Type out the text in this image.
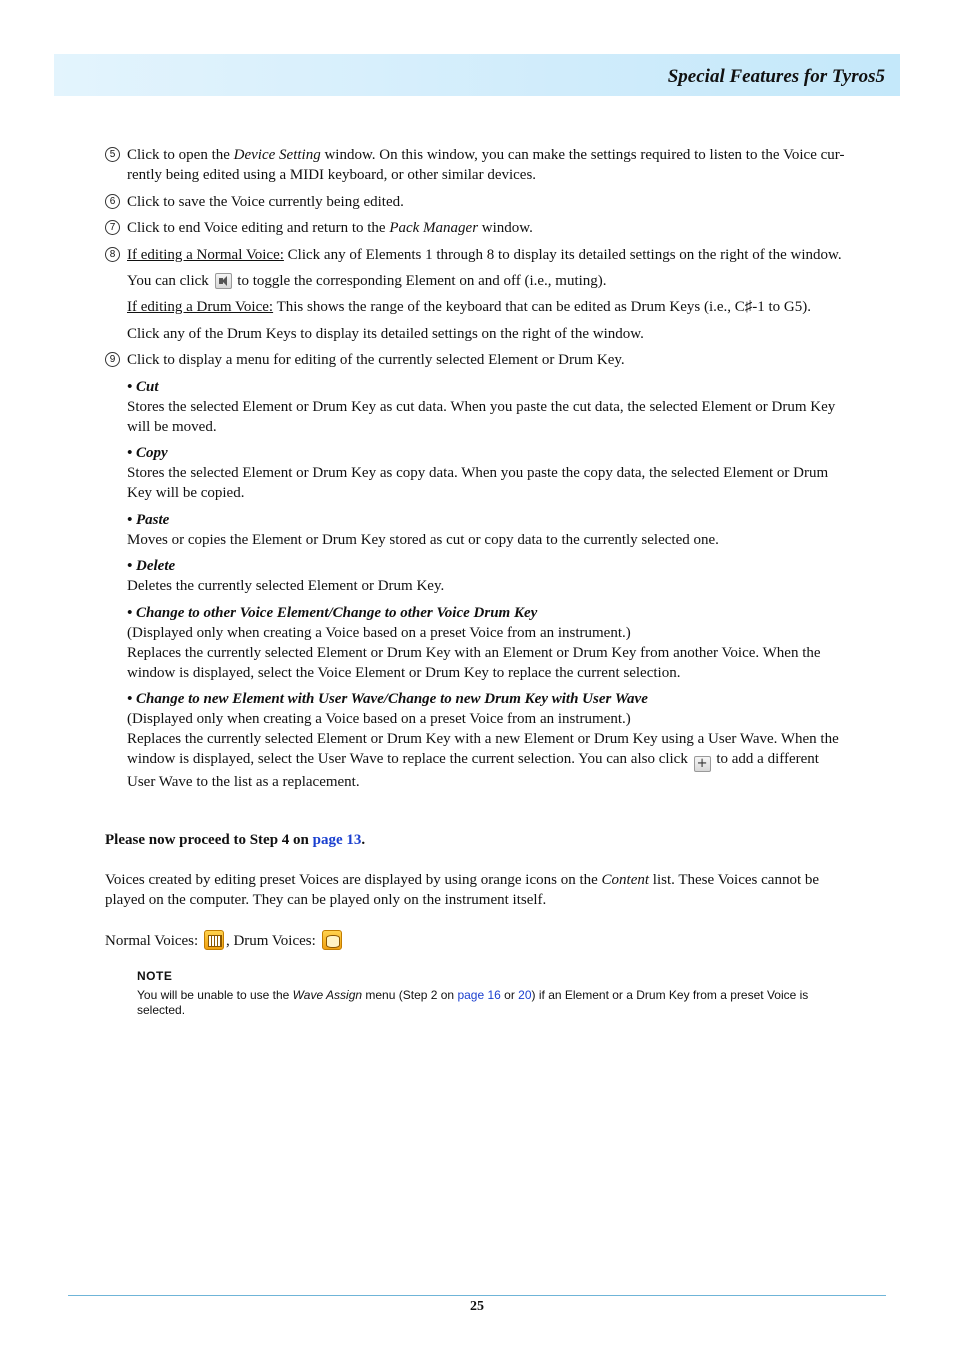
Special Features for Tyros5
5 Click to open the Device Setting window. On this window, you can make the settings required to listen to the Voice cur-
rently being edited using a MIDI keyboard, or other similar devices.
6 Click to save the Voice currently being edited.
7 Click to end Voice editing and return to the Pack Manager window.
8 If editing a Normal Voice: Click any of Elements 1 through 8 to display its detailed settings on the right of the window.
You can click
to toggle the corresponding Element on and off (i.e., muting).
If editing a Drum Voice: This shows the range of the keyboard that can be edited as Drum Keys (i.e., C♯-1 to G5).
Click any of the Drum Keys to display its detailed settings on the right of the window.
9 Click to display a menu for editing of the currently selected Element or Drum Key.
• Cut
Stores the selected Element or Drum Key as cut data. When you paste the cut data, the selected Element or Drum Key
will be moved.
• Copy
Stores the selected Element or Drum Key as copy data. When you paste the copy data, the selected Element or Drum
Key will be copied.
• Paste
Moves or copies the Element or Drum Key stored as cut or copy data to the currently selected one.
• Delete
Deletes the currently selected Element or Drum Key.
• Change to other Voice Element/Change to other Voice Drum Key
(Displayed only when creating a Voice based on a preset Voice from an instrument.)
Replaces the currently selected Element or Drum Key with an Element or Drum Key from another Voice. When the
window is displayed, select the Voice Element or Drum Key to replace the current selection.
• Change to new Element with User Wave/Change to new Drum Key with User Wave
(Displayed only when creating a Voice based on a preset Voice from an instrument.)
Replaces the currently selected Element or Drum Key with a new Element or Drum Key using a User Wave. When the
window is displayed, select the User Wave to replace the current selection. You can also click + to add a different
User Wave to the list as a replacement.
Please now proceed to Step 4 on page 13.
Voices created by editing preset Voices are displayed by using orange icons on the Content list. These Voices cannot be
played on the computer. They can be played only on the instrument itself.
Normal Voices:
, Drum Voices:
NOTE
You will be unable to use the Wave Assign menu (Step 2 on page 16 or 20) if an Element or a Drum Key from a preset Voice is
selected.
25
